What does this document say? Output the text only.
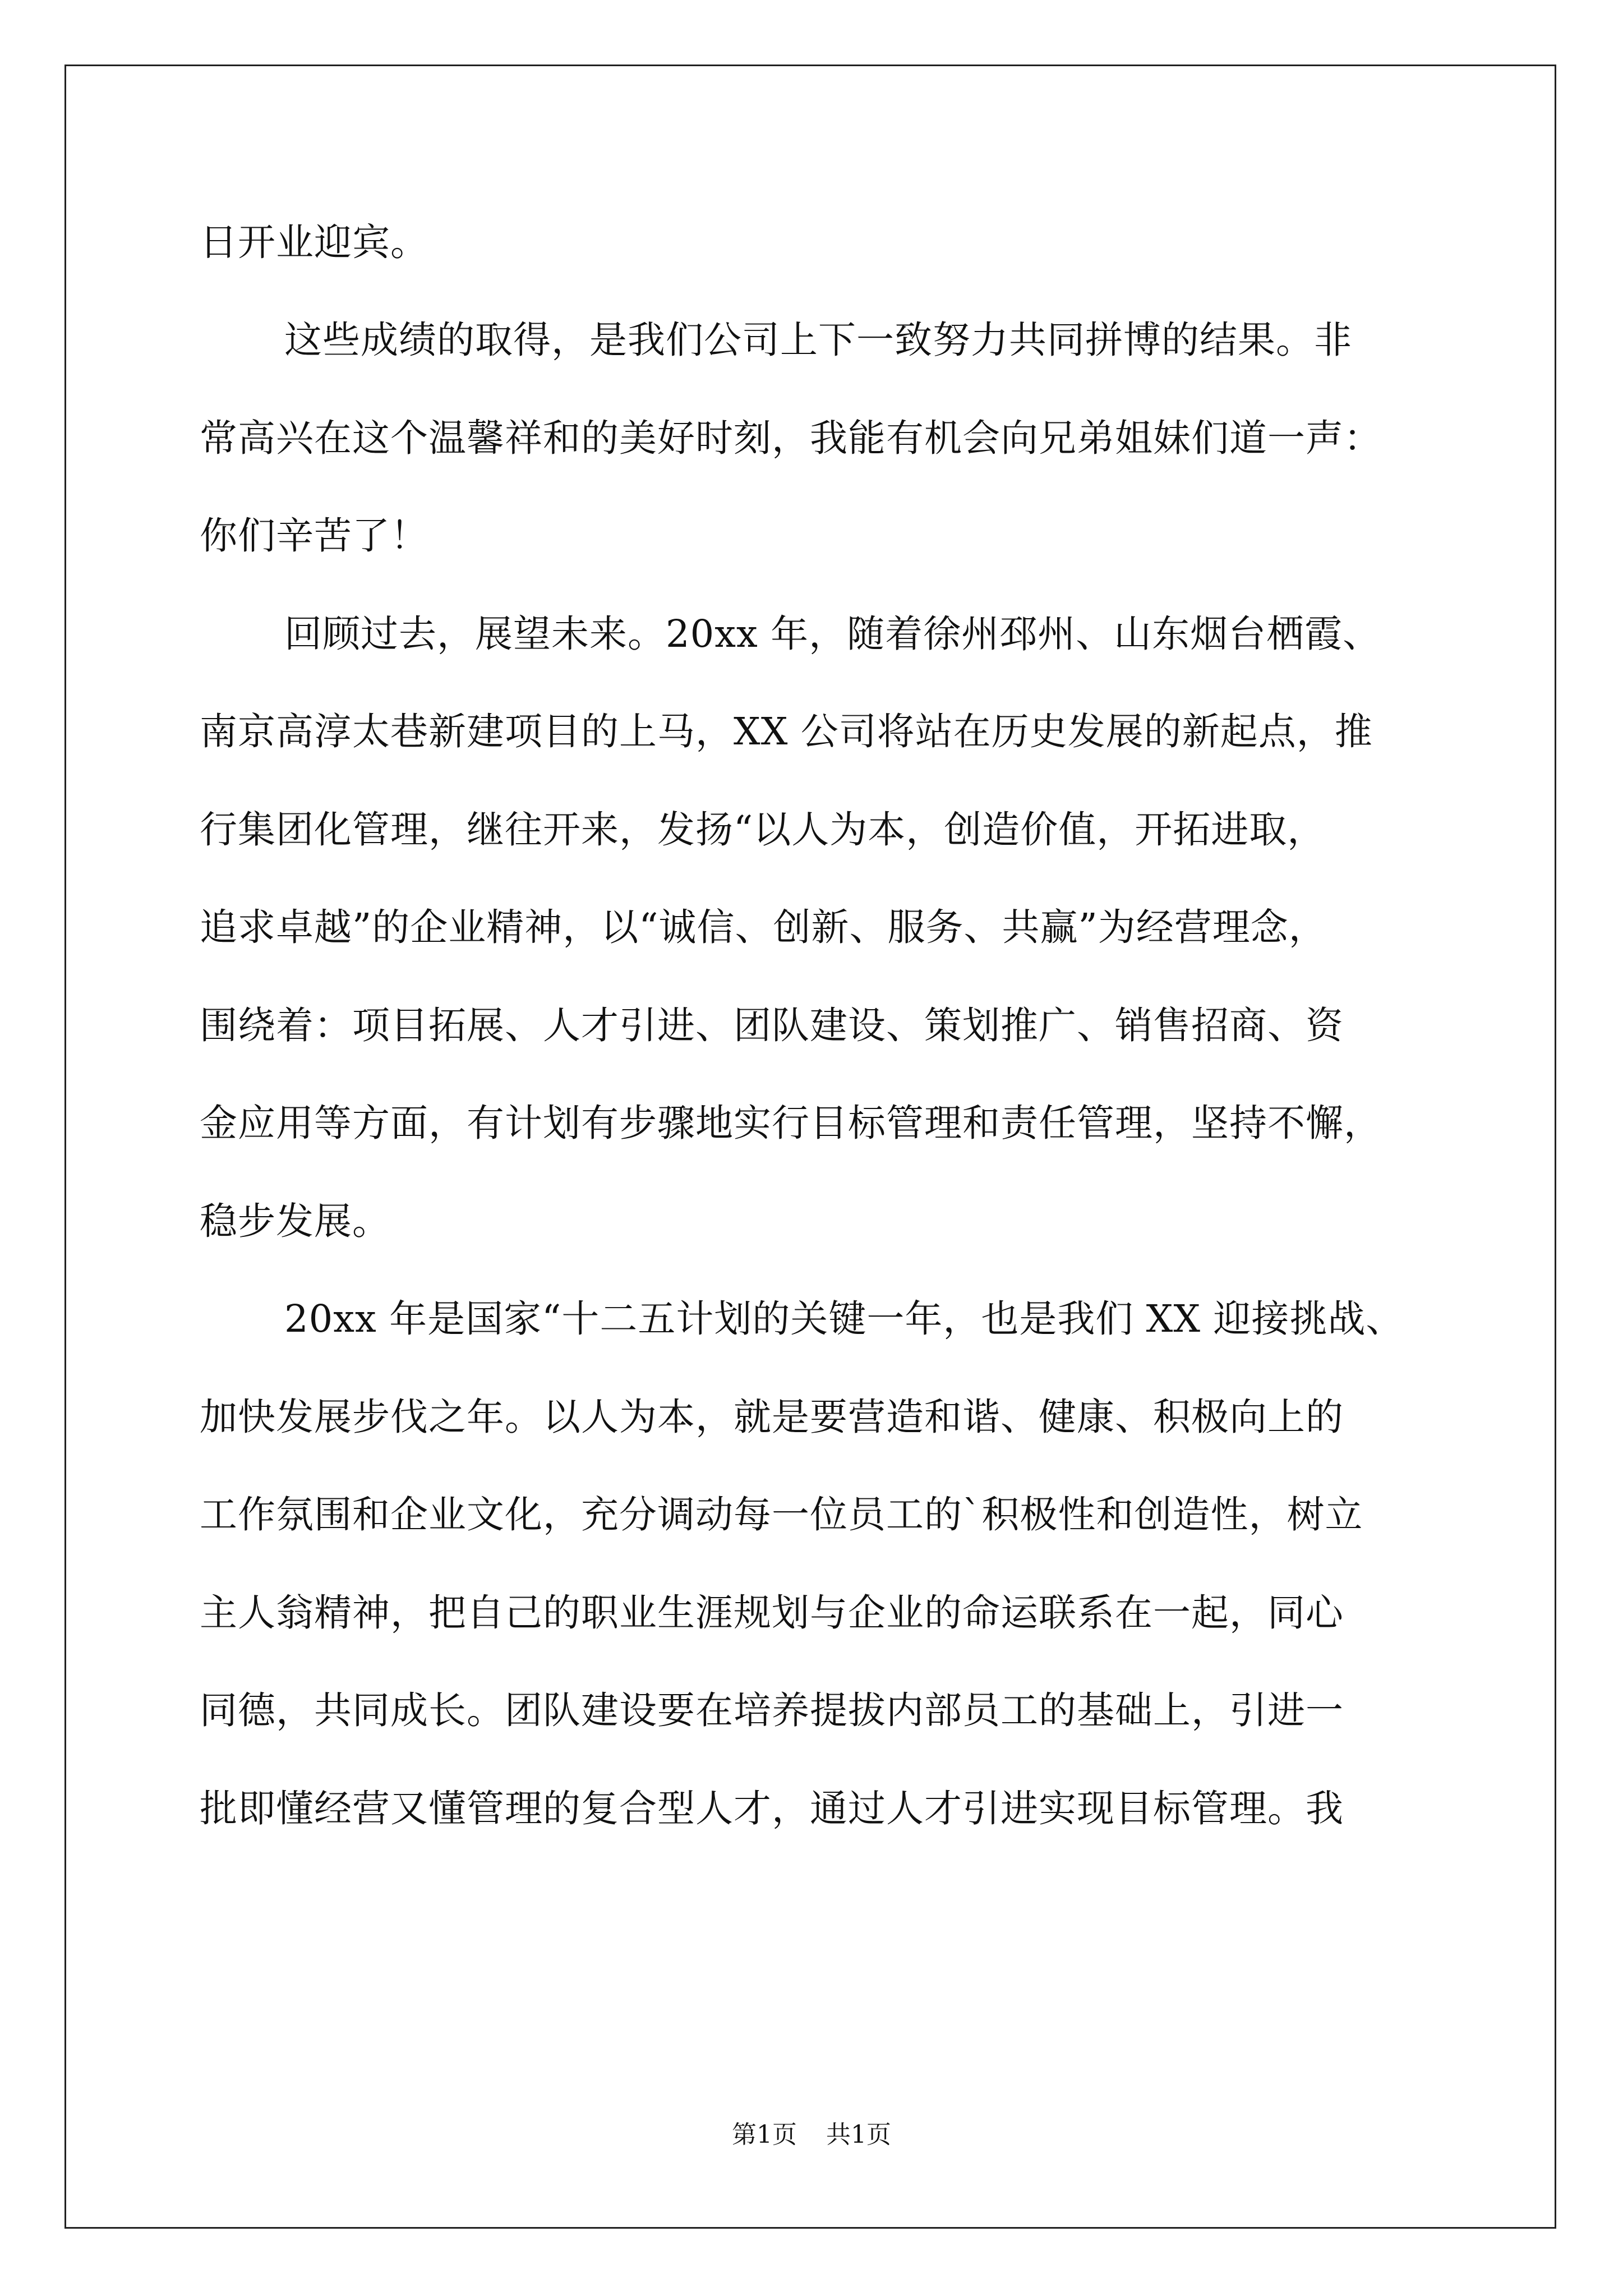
日开业迎宾。
这些成绩的取得，是我们公司上下一致努力共同拼博的结果。非
常高兴在这个温馨祥和的美好时刻，我能有机会向兄弟姐妹们道一声：
你们辛苦了！
回顾过去，展望未来。20xx 年，随着徐州邳州、山东烟台栖霞、
南京高淳太巷新建项目的上马，XX 公司将站在历史发展的新起点，推
行集团化管理，继往开来，发扬“以人为本，创造价值，开拓进取，
追求卓越”的企业精神，以“诚信、创新、服务、共赢”为经营理念，
围绕着：项目拓展、人才引进、团队建设、策划推广、销售招商、资
金应用等方面，有计划有步骤地实行目标管理和责任管理，坚持不懈，
稳步发展。
20xx 年是国家“十二五计划的关键一年，也是我们 XX 迎接挑战、
加快发展步伐之年。以人为本，就是要营造和谐、健康、积极向上的
工作氛围和企业文化，充分调动每一位员工的`积极性和创造性，树立
主人翁精神，把自己的职业生涯规划与企业的命运联系在一起，同心
同德，共同成长。团队建设要在培养提拔内部员工的基础上，引进一
批即懂经营又懂管理的复合型人才，通过人才引进实现目标管理。我
第1页 共1页
